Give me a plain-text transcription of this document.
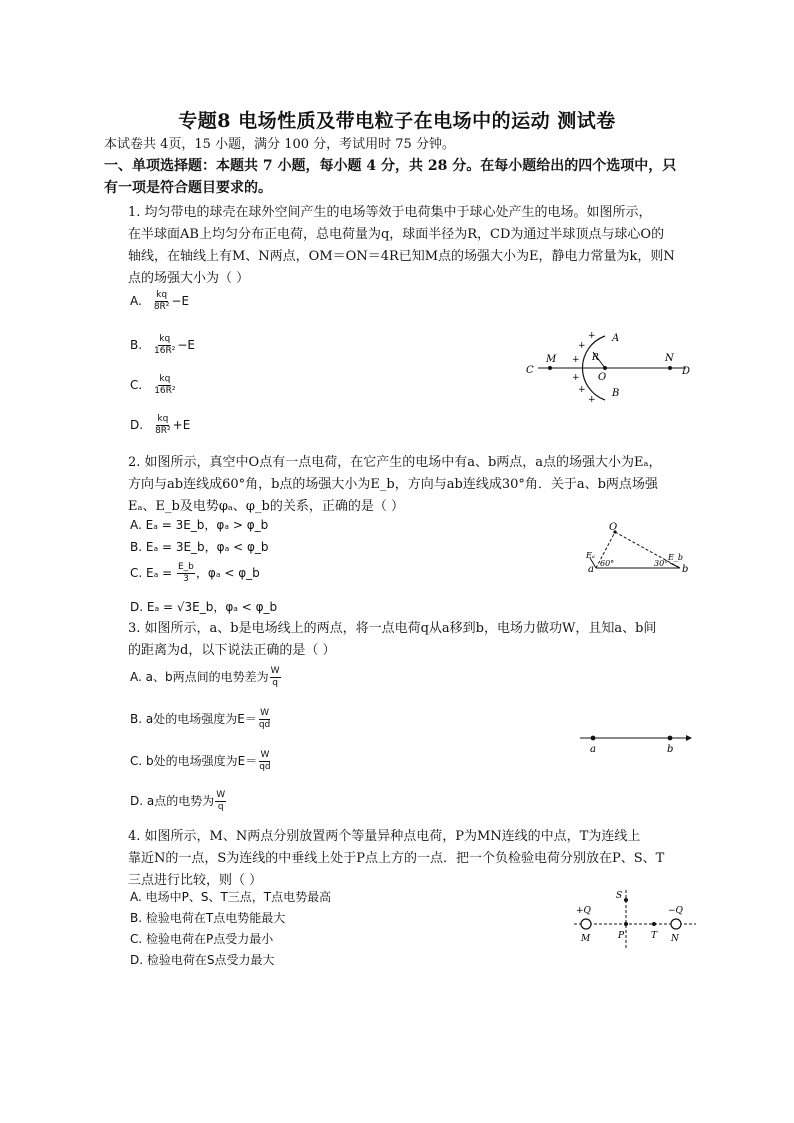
专题8 电场性质及带电粒子在电场中的运动 测试卷
本试卷共 4页，15 小题，满分 100 分，考试用时 75 分钟。
一、单项选择题：本题共 7 小题，每小题 4 分，共 28 分。在每小题给出的四个选项中，只
有一项是符合题目要求的。
1. 均匀带电的球壳在球外空间产生的电场等效于电荷集中于球心处产生的电场。如图所示，
在半球面AB上均匀分布正电荷，总电荷量为q，球面半径为R，CD为通过半球顶点与球心O的
轴线，在轴线上有M、N两点，OM＝ON＝4R已知M点的场强大小为E，静电力常量为k，则N
点的场强大小为（ ）
A. $\frac{kq}{\text{8R²}} -E$
B. $\frac{kq}{\text{16R²}} -E$
C. $\frac{kq}{\text{16R²}}$
D. $\frac{kq}{\text{8R²}} +E$
C
M
O
R	N
D
A
B
+
+
+
+
+
+
2. 如图所示，真空中O点有一点电荷，在它产生的电场中有a、b两点，a点的场强大小为Eₐ，
方向与ab连线成60°角，b点的场强大小为E_b，方向与ab连线成30°角．关于a、b两点场强
Eₐ、E_b及电势φₐ、φ_b的关系，正确的是（ ）
A. Eₐ = 3E_b，φₐ > φ_b
B. Eₐ = 3E_b，φₐ < φ_b
C. $E_a = \frac{E\_b}{3}$ ，φₐ < φ_b
D. Eₐ = √3E_b，φₐ < φ_b
O
a	b
Eₐ	E_b
60°	30°
3. 如图所示，a、b是电场线上的两点，将一点电荷q从a移到b，电场力做功W，且知a、b间
的距离为d，以下说法正确的是（ ）
A. a、b两点间的电势差为 $\frac{W}{q}$
B. a处的电场强度为$E= \frac{W}{qd}$
C. b处的电场强度为$E= \frac{W}{qd}$
D. a点的电势为 $\frac{W}{q}$
a	b
4. 如图所示，M、N两点分别放置两个等量异种点电荷，P为MN连线的中点，T为连线上
靠近N的一点，S为连线的中垂线上处于P点上方的一点．把一个负检验电荷分别放在P、S、T
三点进行比较，则（ ）
A. 电场中P、S、T三点，T点电势最高
B. 检验电荷在T点电势能最大
C. 检验电荷在P点受力最小
D. 检验电荷在S点受力最大
+Q	−Q
M	N
P
S
T
